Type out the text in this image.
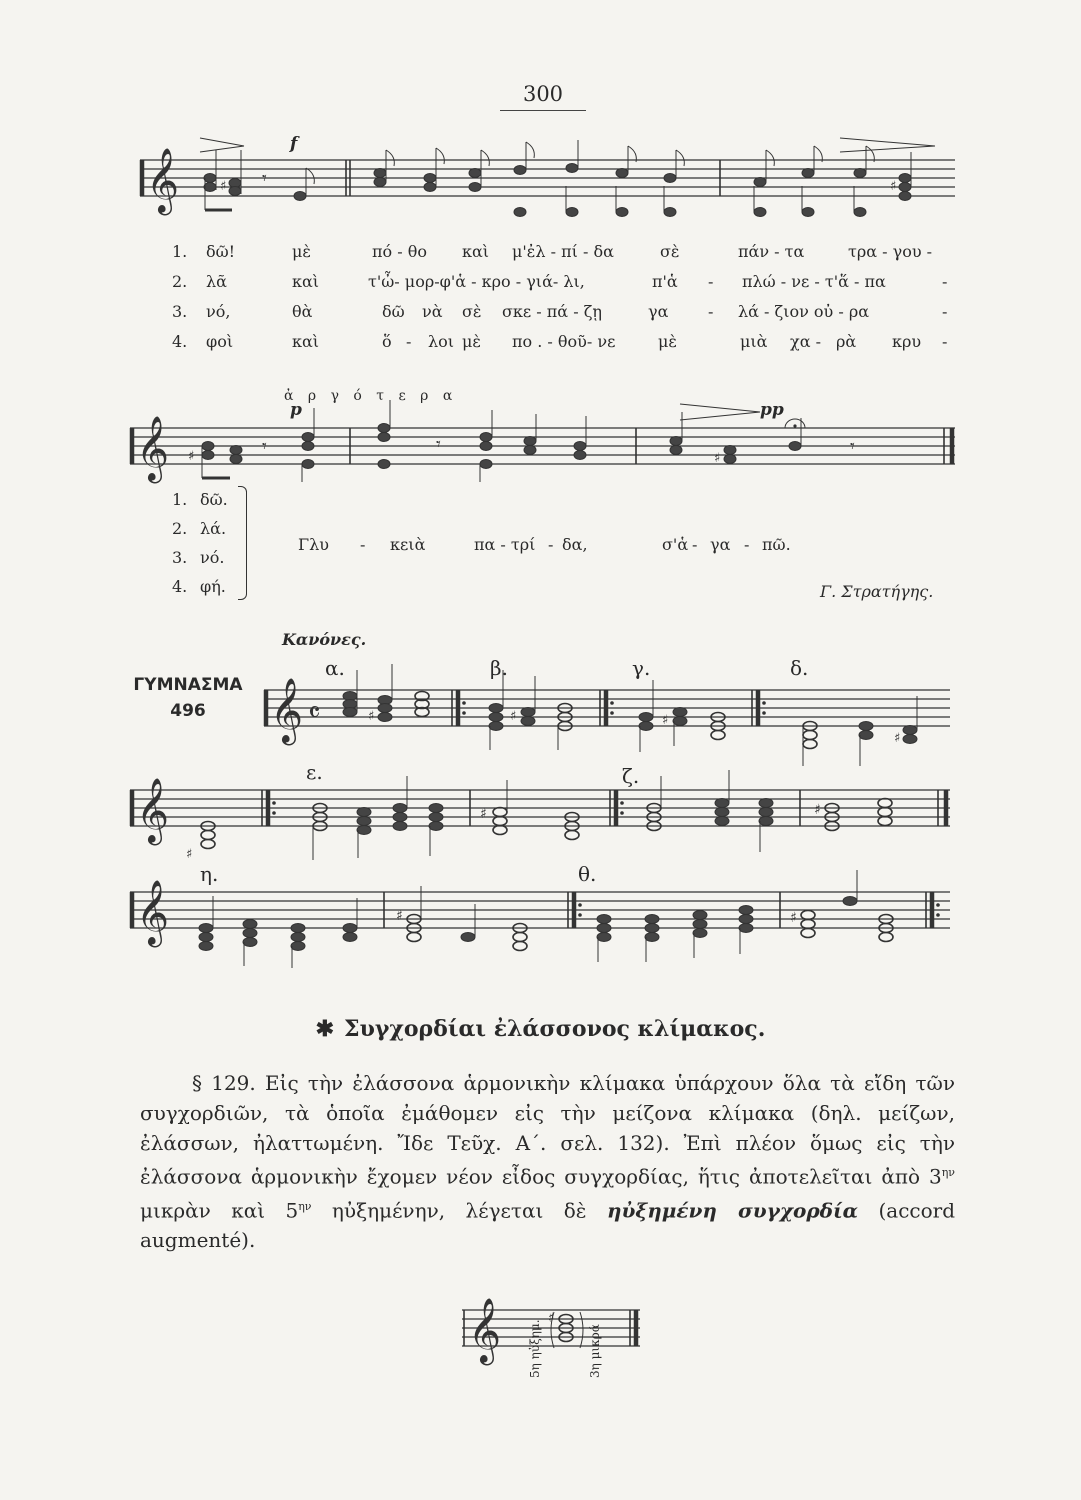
300
𝄞	♯ 𝄾	♯
𝄞 ♯	𝄾	𝄾
♯
𝄾
𝄞 𝄴	♯	♯	♯
♯
𝄞
♯
♯	♯
𝄞	♯	♯
𝄞	♯
f
1. δῶ!	μὲ	πό - θο καὶ μ'ἐλ - πί - δα	σὲ	πάν - τα	τρα - γου -
2. λᾶ	καὶ	τ'ὦ- μορ-φ'ἁ - κρο - γιά- λι,	π'ἁ - πλώ - νε - τ'ἅ - πα	-
3. νό,	θὰ	δῶ νὰ σὲ σκε - πά - ζῃ	γα - λά - ζιον οὐ - ρα	-
4. φοὶ	καὶ	ὅ - λοι μὲ πο . - θοῦ- νε	μὲ	μιὰ χα - ρὰ κρυ -
ἀ ρ γ ό τ ε ρ α
p	pp
1. δῶ.
2. λά.
3. νό.
4. φή.
Γλυ - κειὰ	πα - τρί - δα,	σ'ἁ - γα - πῶ.
Γ. Στρατήγης.
Κανόνες.
ΓΥΜΝΑΣΜΑ
496
α.	β.	γ.	δ.
ε.	ζ.
η.	θ.
✱ Συγχορδίαι ἐλάσσονος κλίμακος.
§ 129. Εἰς τὴν ἐλάσσονα ἁρμονικὴν κλίμακα ὑπάρχουν ὅλα τὰ εἴδη τῶν συγχορδιῶν, τὰ ὁποῖα ἐμάθομεν εἰς τὴν μείζονα κλίμακα (δηλ. μείζων, ἐλάσσων, ἠλαττωμένη. Ἴδε Τεῦχ. Α΄. σελ. 132). Ἐπὶ πλέον ὅμως εἰς τὴν ἐλάσσονα ἁρμονικὴν ἔχομεν νέον εἶδος συγχορδίας, ἥτις ἀποτελεῖται ἀπὸ $3^{\eta\nu}$ μικρὰν καὶ $5^{\eta\nu}$ ηὐξημένην, λέγεται δὲ ηὐξημένη συγχορδία (accord augmenté).
5η ηὐξημ.	3η μικρά
